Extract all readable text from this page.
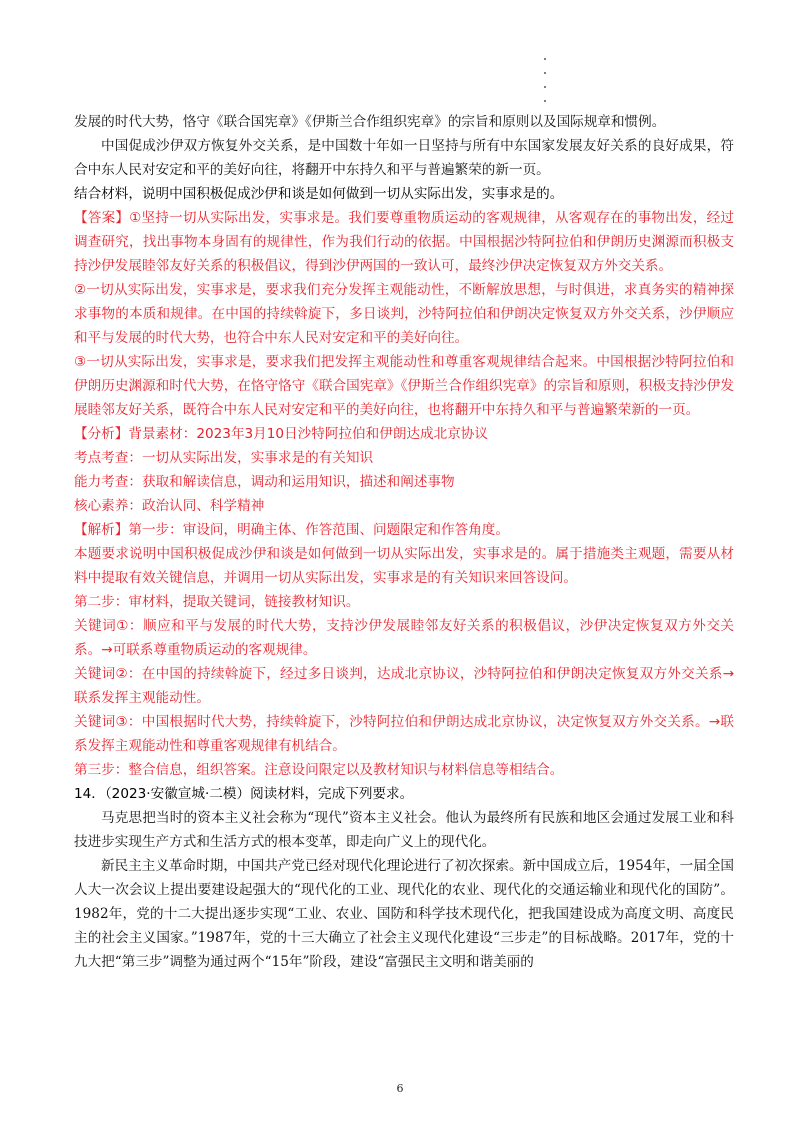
发展的时代大势，恪守《联合国宪章》《伊斯兰合作组织宪章》的宗旨和原则以及国际规章和惯例。

中国促成沙伊双方恢复外交关系，是中国数十年如一日坚持与所有中东国家发展友好关系的良好成果，符合中东人民对安定和平的美好向往，将翻开中东持久和平与普遍繁荣的新一页。

结合材料，说明中国积极促成沙伊和谈是如何做到一切从实际出发，实事求是的。

【答案】①坚持一切从实际出发，实事求是。我们要尊重物质运动的客观规律，从客观存在的事物出发，经过调查研究，找出事物本身固有的规律性，作为我们行动的依据。中国根据沙特阿拉伯和伊朗历史渊源而积极支持沙伊发展睦邻友好关系的积极倡议，得到沙伊两国的一致认可，最终沙伊决定恢复双方外交关系。

②一切从实际出发，实事求是，要求我们充分发挥主观能动性，不断解放思想，与时俱进，求真务实的精神探求事物的本质和规律。在中国的持续斡旋下，多日谈判，沙特阿拉伯和伊朗决定恢复双方外交关系，沙伊顺应和平与发展的时代大势，也符合中东人民对安定和平的美好向往。

③一切从实际出发，实事求是，要求我们把发挥主观能动性和尊重客观规律结合起来。中国根据沙特阿拉伯和伊朗历史渊源和时代大势，在恪守恪守《联合国宪章》《伊斯兰合作组织宪章》的宗旨和原则，积极支持沙伊发展睦邻友好关系，既符合中东人民对安定和平的美好向往，也将翻开中东持久和平与普遍繁荣新的一页。

【分析】背景素材：2023年3月10日沙特阿拉伯和伊朗达成北京协议

考点考查：一切从实际出发，实事求是的有关知识

能力考查：获取和解读信息，调动和运用知识，描述和阐述事物

核心素养：政治认同、科学精神

【解析】第一步：审设问，明确主体、作答范围、问题限定和作答角度。

本题要求说明中国积极促成沙伊和谈是如何做到一切从实际出发，实事求是的。属于措施类主观题，需要从材料中提取有效关键信息，并调用一切从实际出发，实事求是的有关知识来回答设问。

第二步：审材料，提取关键词，链接教材知识。

关键词①：顺应和平与发展的时代大势，支持沙伊发展睦邻友好关系的积极倡议，沙伊决定恢复双方外交关系。→可联系尊重物质运动的客观规律。

关键词②：在中国的持续斡旋下，经过多日谈判，达成北京协议，沙特阿拉伯和伊朗决定恢复双方外交关系→联系发挥主观能动性。

关键词③：中国根据时代大势，持续斡旋下，沙特阿拉伯和伊朗达成北京协议，决定恢复双方外交关系。→联系发挥主观能动性和尊重客观规律有机结合。

第三步：整合信息，组织答案。注意设问限定以及教材知识与材料信息等相结合。

14．（2023·安徽宣城·二模）阅读材料，完成下列要求。

马克思把当时的资本主义社会称为“现代”资本主义社会。他认为最终所有民族和地区会通过发展工业和科技进步实现生产方式和生活方式的根本变革，即走向广义上的现代化。

新民主主义革命时期，中国共产党已经对现代化理论进行了初次探索。新中国成立后，1954年，一届全国人大一次会议上提出要建设起强大的“现代化的工业、现代化的农业、现代化的交通运输业和现代化的国防”。1982年，党的十二大提出逐步实现“工业、农业、国防和科学技术现代化，把我国建设成为高度文明、高度民主的社会主义国家。”1987年，党的十三大确立了社会主义现代化建设“三步走”的目标战略。2017年，党的十九大把“第三步”调整为通过两个“15年”阶段，建设“富强民主文明和谐美丽的

6
